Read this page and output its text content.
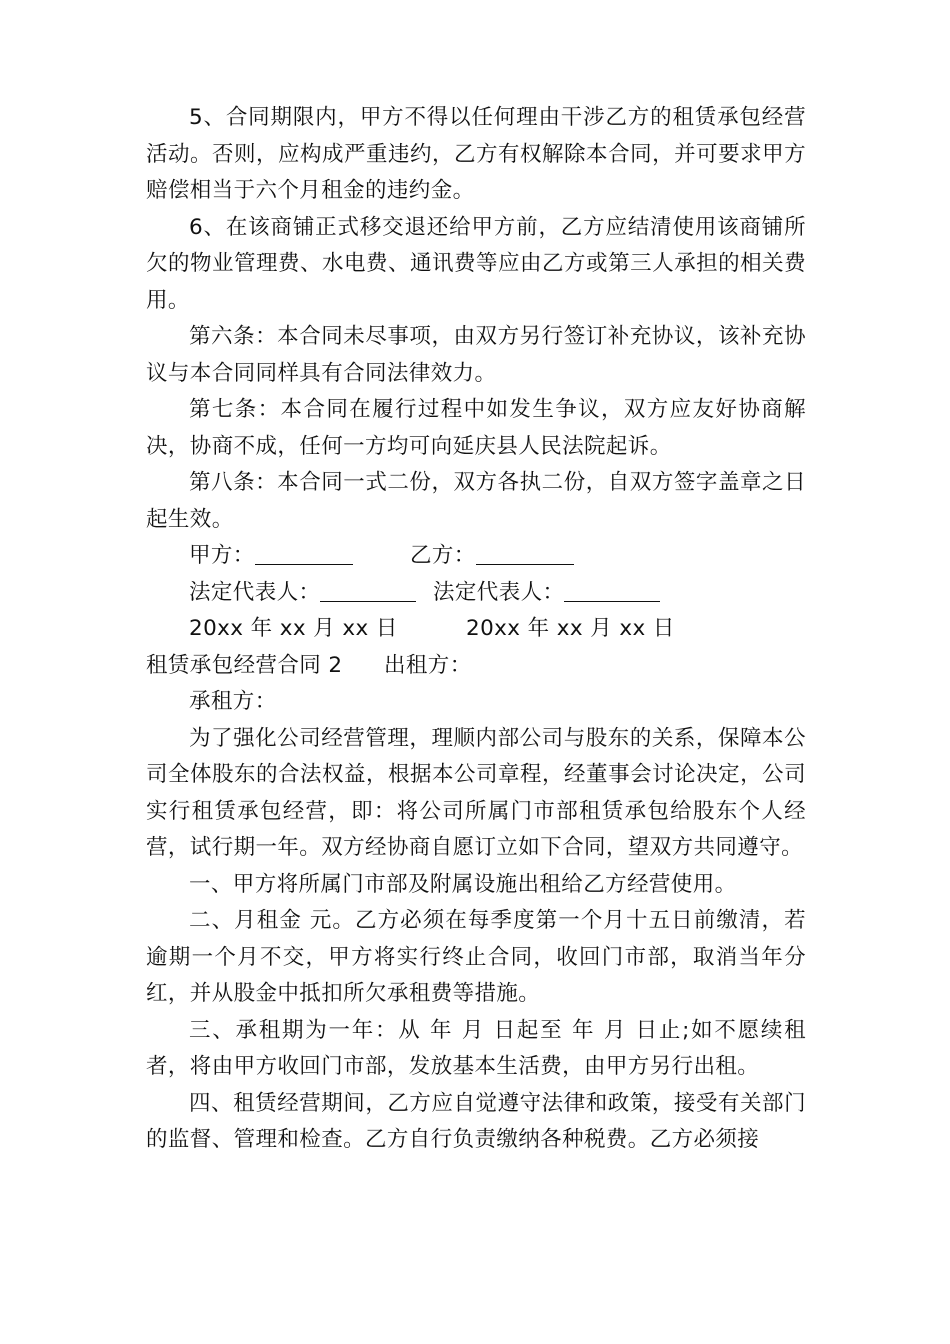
5、合同期限内，甲方不得以任何理由干涉乙方的租赁承包经营活动。否则，应构成严重违约，乙方有权解除本合同，并可要求甲方赔偿相当于六个月租金的违约金。

6、在该商铺正式移交退还给甲方前，乙方应结清使用该商铺所欠的物业管理费、水电费、通讯费等应由乙方或第三人承担的相关费用。

第六条：本合同未尽事项，由双方另行签订补充协议，该补充协议与本合同同样具有合同法律效力。

第七条：本合同在履行过程中如发生争议，双方应友好协商解决，协商不成，任何一方均可向延庆县人民法院起诉。

第八条：本合同一式二份，双方各执二份，自双方签字盖章之日起生效。

甲方：	乙方：
法定代表人：	法定代表人：
20xx 年 xx 月 xx 日	20xx 年 xx 月 xx 日
租赁承包经营合同 2	出租方：

承租方：

为了强化公司经营管理，理顺内部公司与股东的关系，保障本公司全体股东的合法权益，根据本公司章程，经董事会讨论决定，公司实行租赁承包经营，即：将公司所属门市部租赁承包给股东个人经营，试行期一年。双方经协商自愿订立如下合同，望双方共同遵守。

一、甲方将所属门市部及附属设施出租给乙方经营使用。

二、月租金 元。乙方必须在每季度第一个月十五日前缴清，若逾期一个月不交，甲方将实行终止合同，收回门市部，取消当年分红，并从股金中抵扣所欠承租费等措施。

三、承租期为一年：从 年 月 日起至 年 月 日止;如不愿续租者，将由甲方收回门市部，发放基本生活费，由甲方另行出租。

四、租赁经营期间，乙方应自觉遵守法律和政策，接受有关部门的监督、管理和检查。乙方自行负责缴纳各种税费。乙方必须接
